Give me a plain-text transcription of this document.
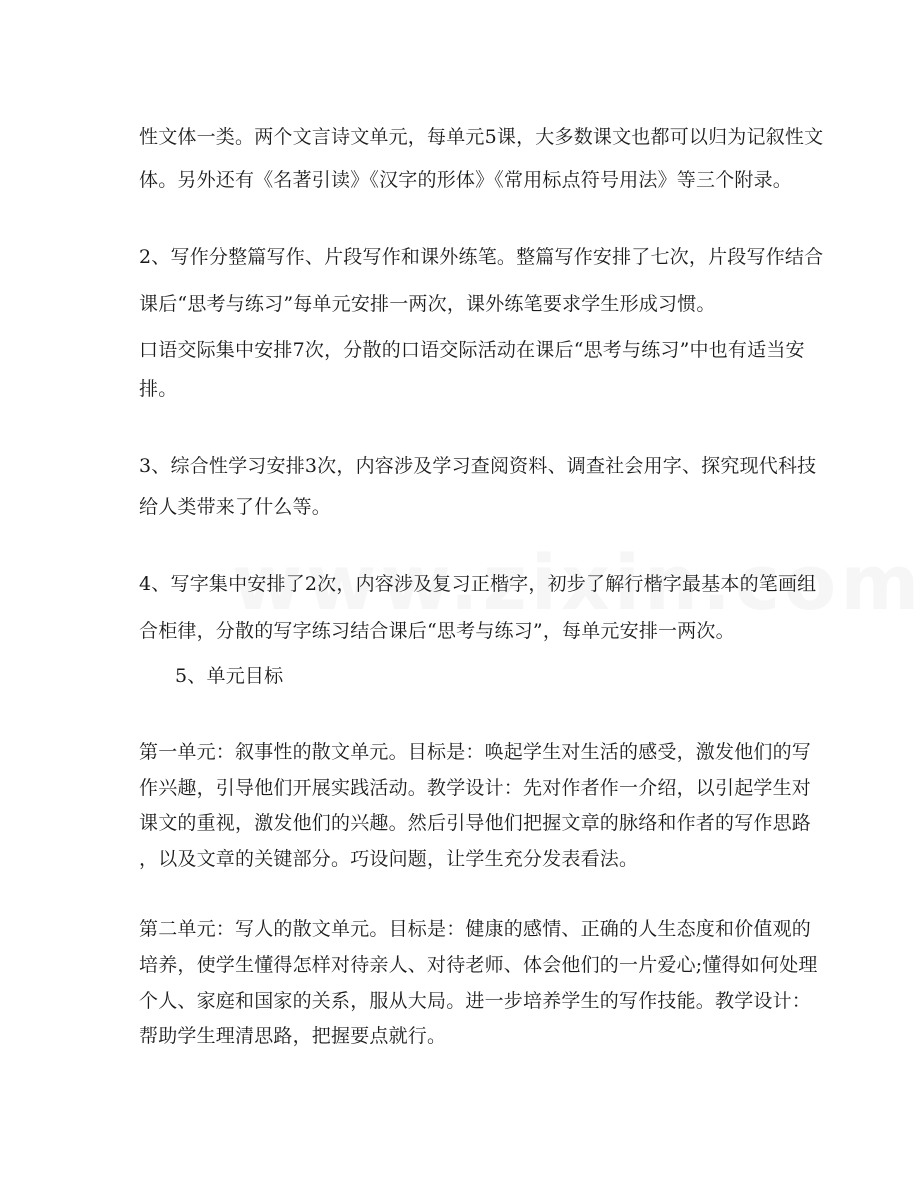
性文体一类。两个文言诗文单元，每单元5课，大多数课文也都可以归为记叙性文
体。另外还有《名著引读》《汉字的形体》《常用标点符号用法》等三个附录。
2、写作分整篇写作、片段写作和课外练笔。整篇写作安排了七次，片段写作结合
课后“思考与练习”每单元安排一两次，课外练笔要求学生形成习惯。
口语交际集中安排7次，分散的口语交际活动在课后“思考与练习”中也有适当安
排。
3、综合性学习安排3次，内容涉及学习查阅资料、调查社会用字、探究现代科技
给人类带来了什么等。
4、写字集中安排了2次，内容涉及复习正楷字，初步了解行楷字最基本的笔画组
合柜律，分散的写字练习结合课后“思考与练习”，每单元安排一两次。
5、单元目标
第一单元：叙事性的散文单元。目标是：唤起学生对生活的感受，激发他们的写
作兴趣，引导他们开展实践活动。教学设计：先对作者作一介绍，以引起学生对
课文的重视，激发他们的兴趣。然后引导他们把握文章的脉络和作者的写作思路
，以及文章的关键部分。巧设问题，让学生充分发表看法。
第二单元：写人的散文单元。目标是：健康的感情、正确的人生态度和价值观的
培养，使学生懂得怎样对待亲人、对待老师、体会他们的一片爱心;懂得如何处理
个人、家庭和国家的关系，服从大局。进一步培养学生的写作技能。教学设计：
帮助学生理清思路，把握要点就行。
